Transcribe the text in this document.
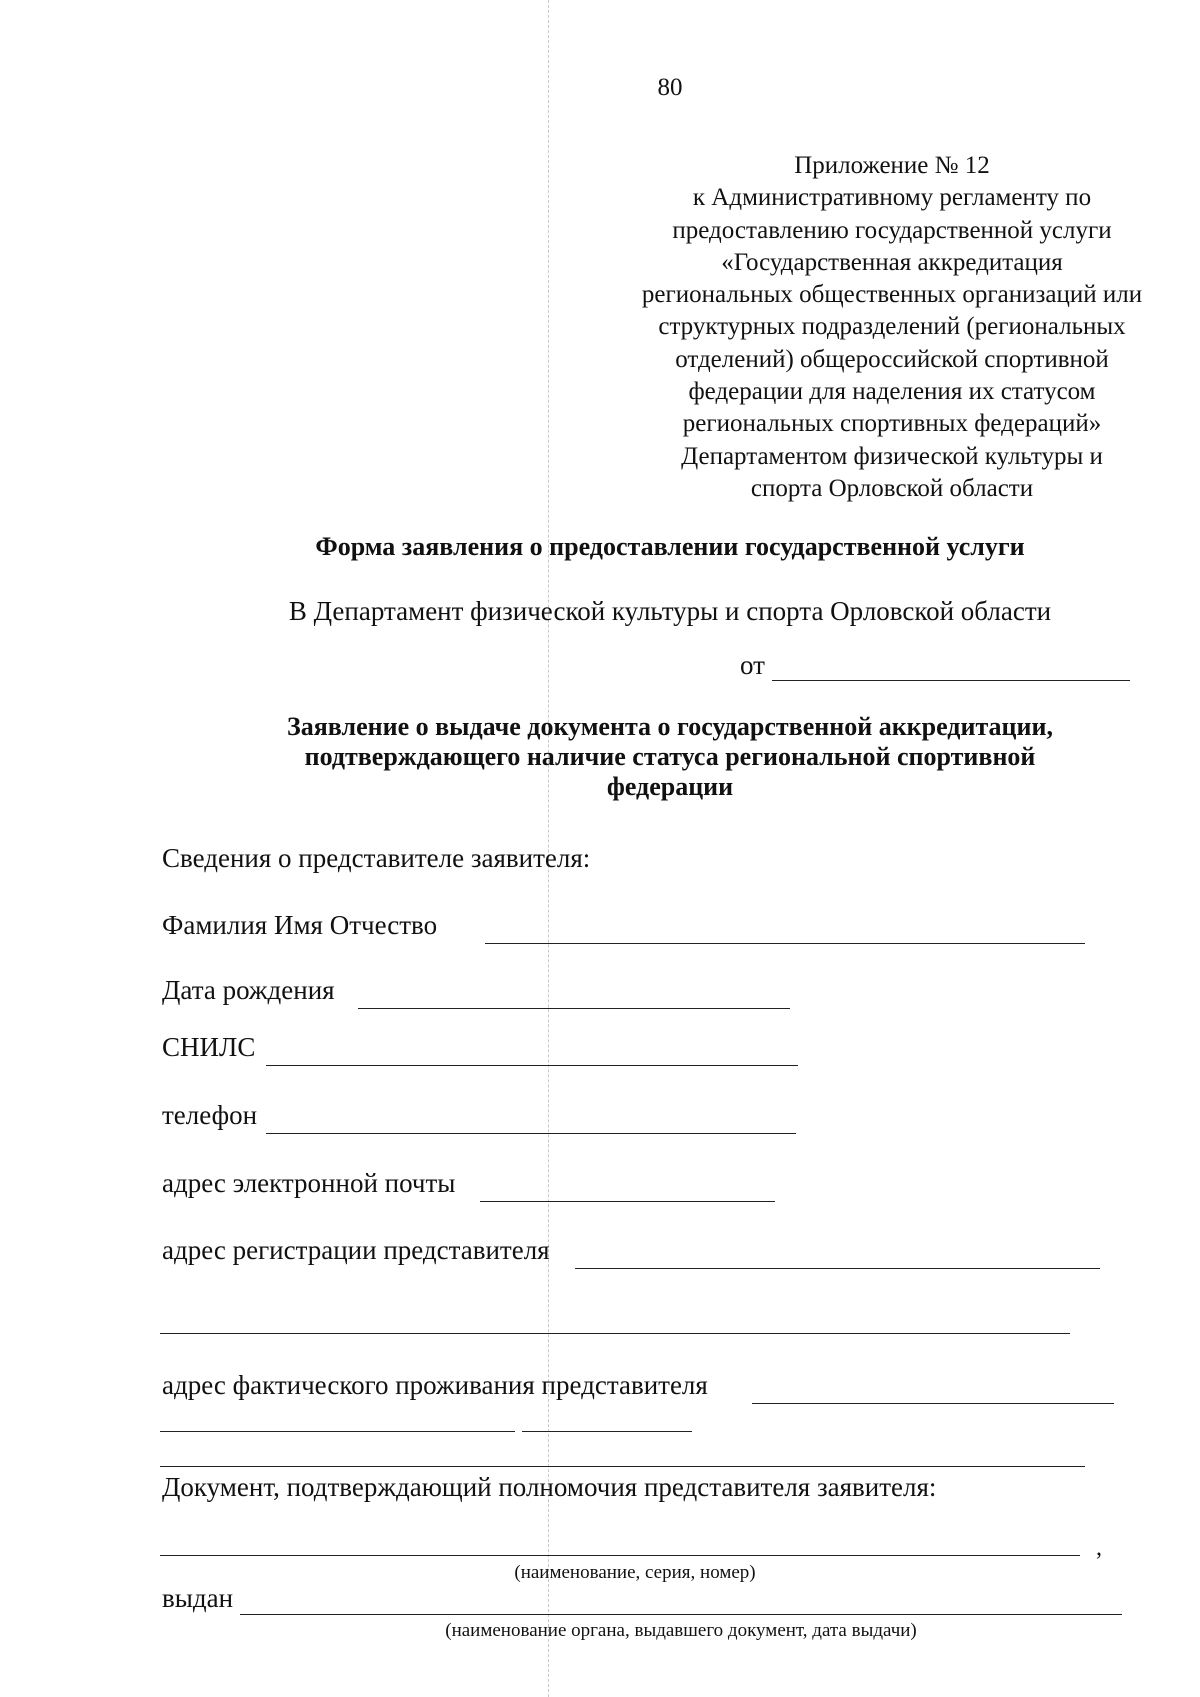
80
Приложение № 12
к Административному регламенту по
предоставлению государственной услуги
«Государственная аккредитация
региональных общественных организаций или
структурных подразделений (региональных
отделений) общероссийской спортивной
федерации для наделения их статусом
региональных спортивных федераций»
Департаментом физической культуры и
спорта Орловской области
Форма заявления о предоставлении государственной услуги
В Департамент физической культуры и спорта Орловской области
от
Заявление о выдаче документа о государственной аккредитации,
подтверждающего наличие статуса региональной спортивной
федерации
Сведения о представителе заявителя:
Фамилия Имя Отчество
Дата рождения
СНИЛС
телефон
адрес электронной почты
адрес регистрации представителя
адрес фактического проживания представителя
Документ, подтверждающий полномочия представителя заявителя:
,
(наименование, серия, номер)
выдан
(наименование органа, выдавшего документ, дата выдачи)
